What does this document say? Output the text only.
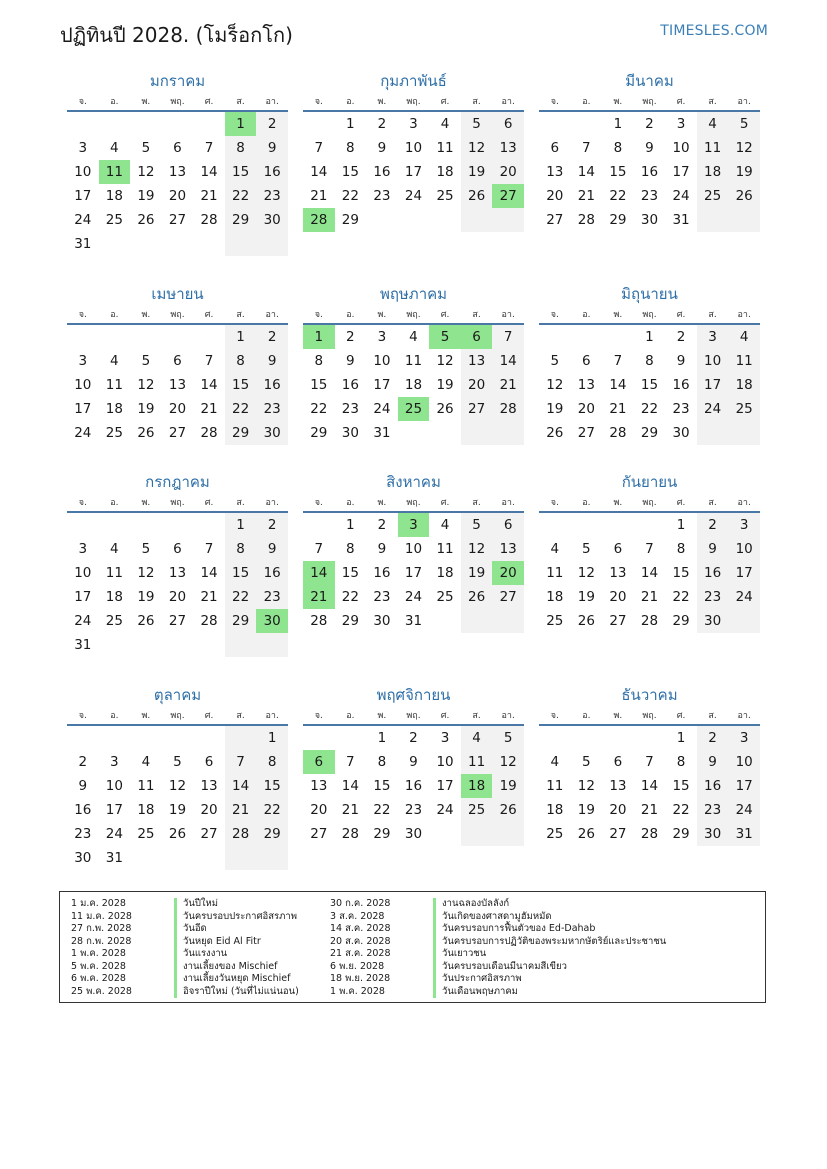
ปฏิทินปี 2028. (โมร็อกโก)	TIMESLES.COM
มกราคม
จ.	อ.	พ.	พฤ.	ศ.	ส.	อา.
					1	2
3	4	5	6	7	8	9
10	11	12	13	14	15	16
17	18	19	20	21	22	23
24	25	26	27	28	29	30
31						
กุมภาพันธ์
จ.	อ.	พ.	พฤ.	ศ.	ส.	อา.
	1	2	3	4	5	6
7	8	9	10	11	12	13
14	15	16	17	18	19	20
21	22	23	24	25	26	27
28	29					
มีนาคม
จ.	อ.	พ.	พฤ.	ศ.	ส.	อา.
		1	2	3	4	5
6	7	8	9	10	11	12
13	14	15	16	17	18	19
20	21	22	23	24	25	26
27	28	29	30	31		
เมษายน
จ.	อ.	พ.	พฤ.	ศ.	ส.	อา.
					1	2
3	4	5	6	7	8	9
10	11	12	13	14	15	16
17	18	19	20	21	22	23
24	25	26	27	28	29	30
พฤษภาคม
จ.	อ.	พ.	พฤ.	ศ.	ส.	อา.
1	2	3	4	5	6	7
8	9	10	11	12	13	14
15	16	17	18	19	20	21
22	23	24	25	26	27	28
29	30	31				
มิถุนายน
จ.	อ.	พ.	พฤ.	ศ.	ส.	อา.
			1	2	3	4
5	6	7	8	9	10	11
12	13	14	15	16	17	18
19	20	21	22	23	24	25
26	27	28	29	30		
กรกฎาคม
จ.	อ.	พ.	พฤ.	ศ.	ส.	อา.
					1	2
3	4	5	6	7	8	9
10	11	12	13	14	15	16
17	18	19	20	21	22	23
24	25	26	27	28	29	30
31						
สิงหาคม
จ.	อ.	พ.	พฤ.	ศ.	ส.	อา.
	1	2	3	4	5	6
7	8	9	10	11	12	13
14	15	16	17	18	19	20
21	22	23	24	25	26	27
28	29	30	31			
กันยายน
จ.	อ.	พ.	พฤ.	ศ.	ส.	อา.
				1	2	3
4	5	6	7	8	9	10
11	12	13	14	15	16	17
18	19	20	21	22	23	24
25	26	27	28	29	30	
ตุลาคม
จ.	อ.	พ.	พฤ.	ศ.	ส.	อา.
						1
2	3	4	5	6	7	8
9	10	11	12	13	14	15
16	17	18	19	20	21	22
23	24	25	26	27	28	29
30	31					
พฤศจิกายน
จ.	อ.	พ.	พฤ.	ศ.	ส.	อา.
		1	2	3	4	5
6	7	8	9	10	11	12
13	14	15	16	17	18	19
20	21	22	23	24	25	26
27	28	29	30			
ธันวาคม
จ.	อ.	พ.	พฤ.	ศ.	ส.	อา.
				1	2	3
4	5	6	7	8	9	10
11	12	13	14	15	16	17
18	19	20	21	22	23	24
25	26	27	28	29	30	31
1 ม.ค. 2028	วันปีใหม่
11 ม.ค. 2028	วันครบรอบประกาศอิสรภาพ
27 ก.พ. 2028	วันอีด
28 ก.พ. 2028	วันหยุด Eid Al Fitr
1 พ.ค. 2028	วันแรงงาน
5 พ.ค. 2028	งานเลี้ยงของ Mischief
6 พ.ค. 2028	งานเลี้ยงวันหยุด Mischief
25 พ.ค. 2028	อิจราปีใหม่ (วันที่ไม่แน่นอน)
30 ก.ค. 2028	งานฉลองบัลลังก์
3 ส.ค. 2028	วันเกิดของศาสดามูฮัมหมัด
14 ส.ค. 2028	วันครบรอบการฟื้นตัวของ Ed-Dahab
20 ส.ค. 2028	วันครบรอบการปฏิวัติของพระมหากษัตริย์และประชาชน
21 ส.ค. 2028	วันเยาวชน
6 พ.ย. 2028	วันครบรอบเดือนมีนาคมสีเขียว
18 พ.ย. 2028	วันประกาศอิสรภาพ
1 พ.ค. 2028	วันเดือนพฤษภาคม
